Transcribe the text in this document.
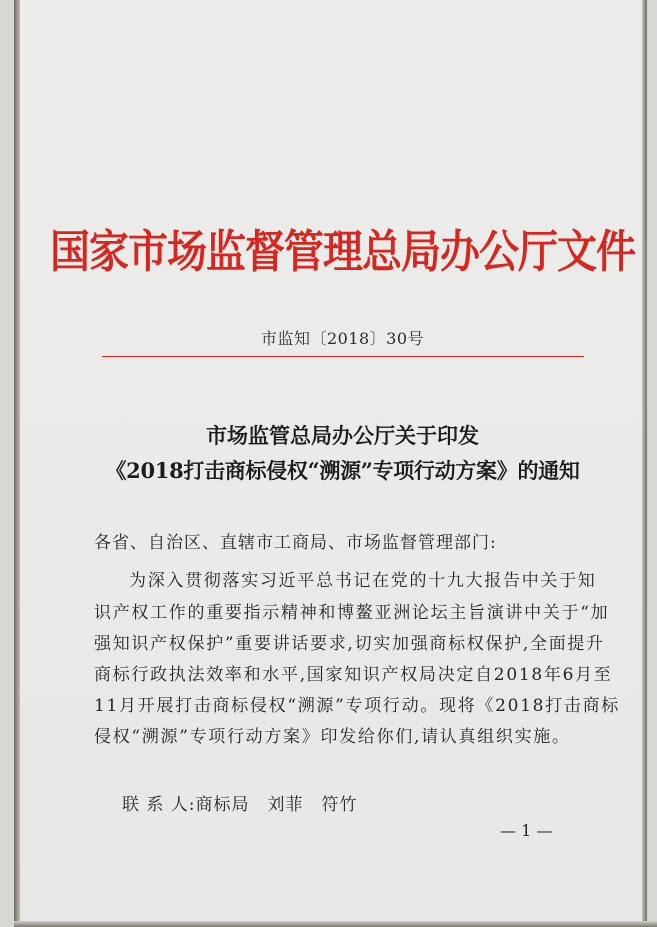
国家市场监督管理总局办公厅文件
市监知〔2018〕30号
市场监管总局办公厅关于印发
《2018打击商标侵权“溯源”专项行动方案》的通知
各省、自治区、直辖市工商局、市场监督管理部门:
为深入贯彻落实习近平总书记在党的十九大报告中关于知
识产权工作的重要指示精神和博鳌亚洲论坛主旨演讲中关于“加
强知识产权保护”重要讲话要求,切实加强商标权保护,全面提升
商标行政执法效率和水平,国家知识产权局决定自2018年6月至
11月开展打击商标侵权“溯源”专项行动。现将《2018打击商标
侵权“溯源”专项行动方案》印发给你们,请认真组织实施。
联 系 人:商标局　刘菲　符竹
— 1 —
